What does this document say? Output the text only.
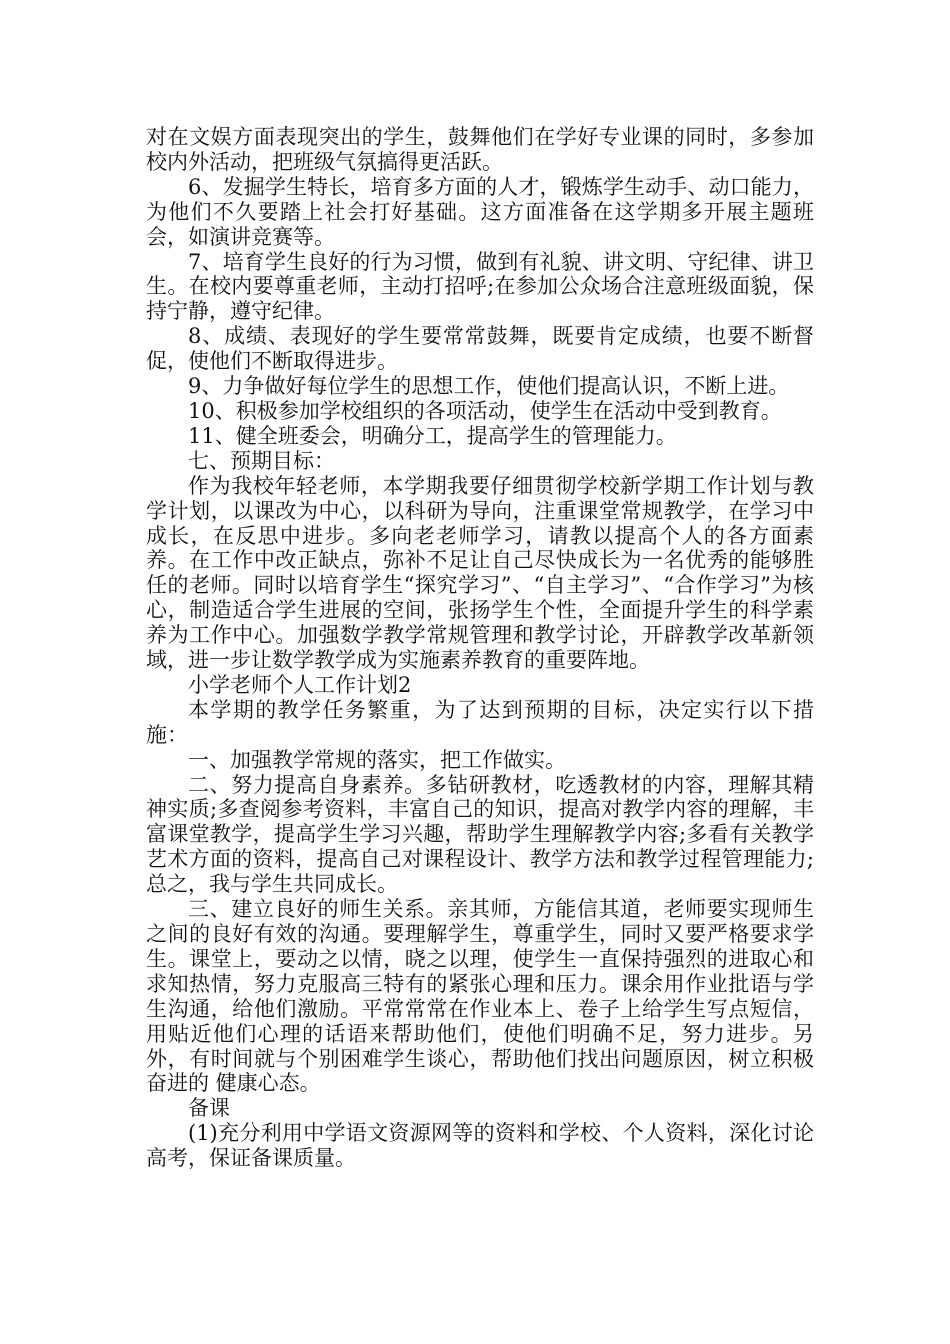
对在文娱方面表现突出的学生，鼓舞他们在学好专业课的同时，多参加校内外活动，把班级气氛搞得更活跃。

6、发掘学生特长，培育多方面的人才，锻炼学生动手、动口能力，为他们不久要踏上社会打好基础。这方面准备在这学期多开展主题班会，如演讲竞赛等。

7、培育学生良好的行为习惯，做到有礼貌、讲文明、守纪律、讲卫生。在校内要尊重老师，主动打招呼;在参加公众场合注意班级面貌，保持宁静，遵守纪律。

8、成绩、表现好的学生要常常鼓舞，既要肯定成绩，也要不断督促，使他们不断取得进步。

9、力争做好每位学生的思想工作，使他们提高认识，不断上进。

10、积极参加学校组织的各项活动，使学生在活动中受到教育。

11、健全班委会，明确分工，提高学生的管理能力。

七、预期目标：

作为我校年轻老师，本学期我要仔细贯彻学校新学期工作计划与教学计划，以课改为中心，以科研为导向，注重课堂常规教学，在学习中成长，在反思中进步。多向老老师学习，请教以提高个人的各方面素养。在工作中改正缺点，弥补不足让自己尽快成长为一名优秀的能够胜任的老师。同时以培育学生“探究学习”、“自主学习”、“合作学习”为核心，制造适合学生进展的空间，张扬学生个性，全面提升学生的科学素养为工作中心。加强数学教学常规管理和教学讨论，开辟教学改革新领域，进一步让数学教学成为实施素养教育的重要阵地。

小学老师个人工作计划2

本学期的教学任务繁重，为了达到预期的目标，决定实行以下措施：

一、加强教学常规的落实，把工作做实。

二、努力提高自身素养。多钻研教材，吃透教材的内容，理解其精神实质;多查阅参考资料，丰富自己的知识，提高对教学内容的理解，丰富课堂教学，提高学生学习兴趣，帮助学生理解教学内容;多看有关教学艺术方面的资料，提高自己对课程设计、教学方法和教学过程管理能力;总之，我与学生共同成长。

三、建立良好的师生关系。亲其师，方能信其道，老师要实现师生之间的良好有效的沟通。要理解学生，尊重学生，同时又要严格要求学生。课堂上，要动之以情，晓之以理，使学生一直保持强烈的进取心和求知热情，努力克服高三特有的紧张心理和压力。课余用作业批语与学生沟通，给他们激励。平常常常在作业本上、卷子上给学生写点短信，用贴近他们心理的话语来帮助他们，使他们明确不足，努力进步。另外，有时间就与个别困难学生谈心，帮助他们找出问题原因，树立积极奋进的 健康心态。

备课

(1)充分利用中学语文资源网等的资料和学校、个人资料，深化讨论高考，保证备课质量。
